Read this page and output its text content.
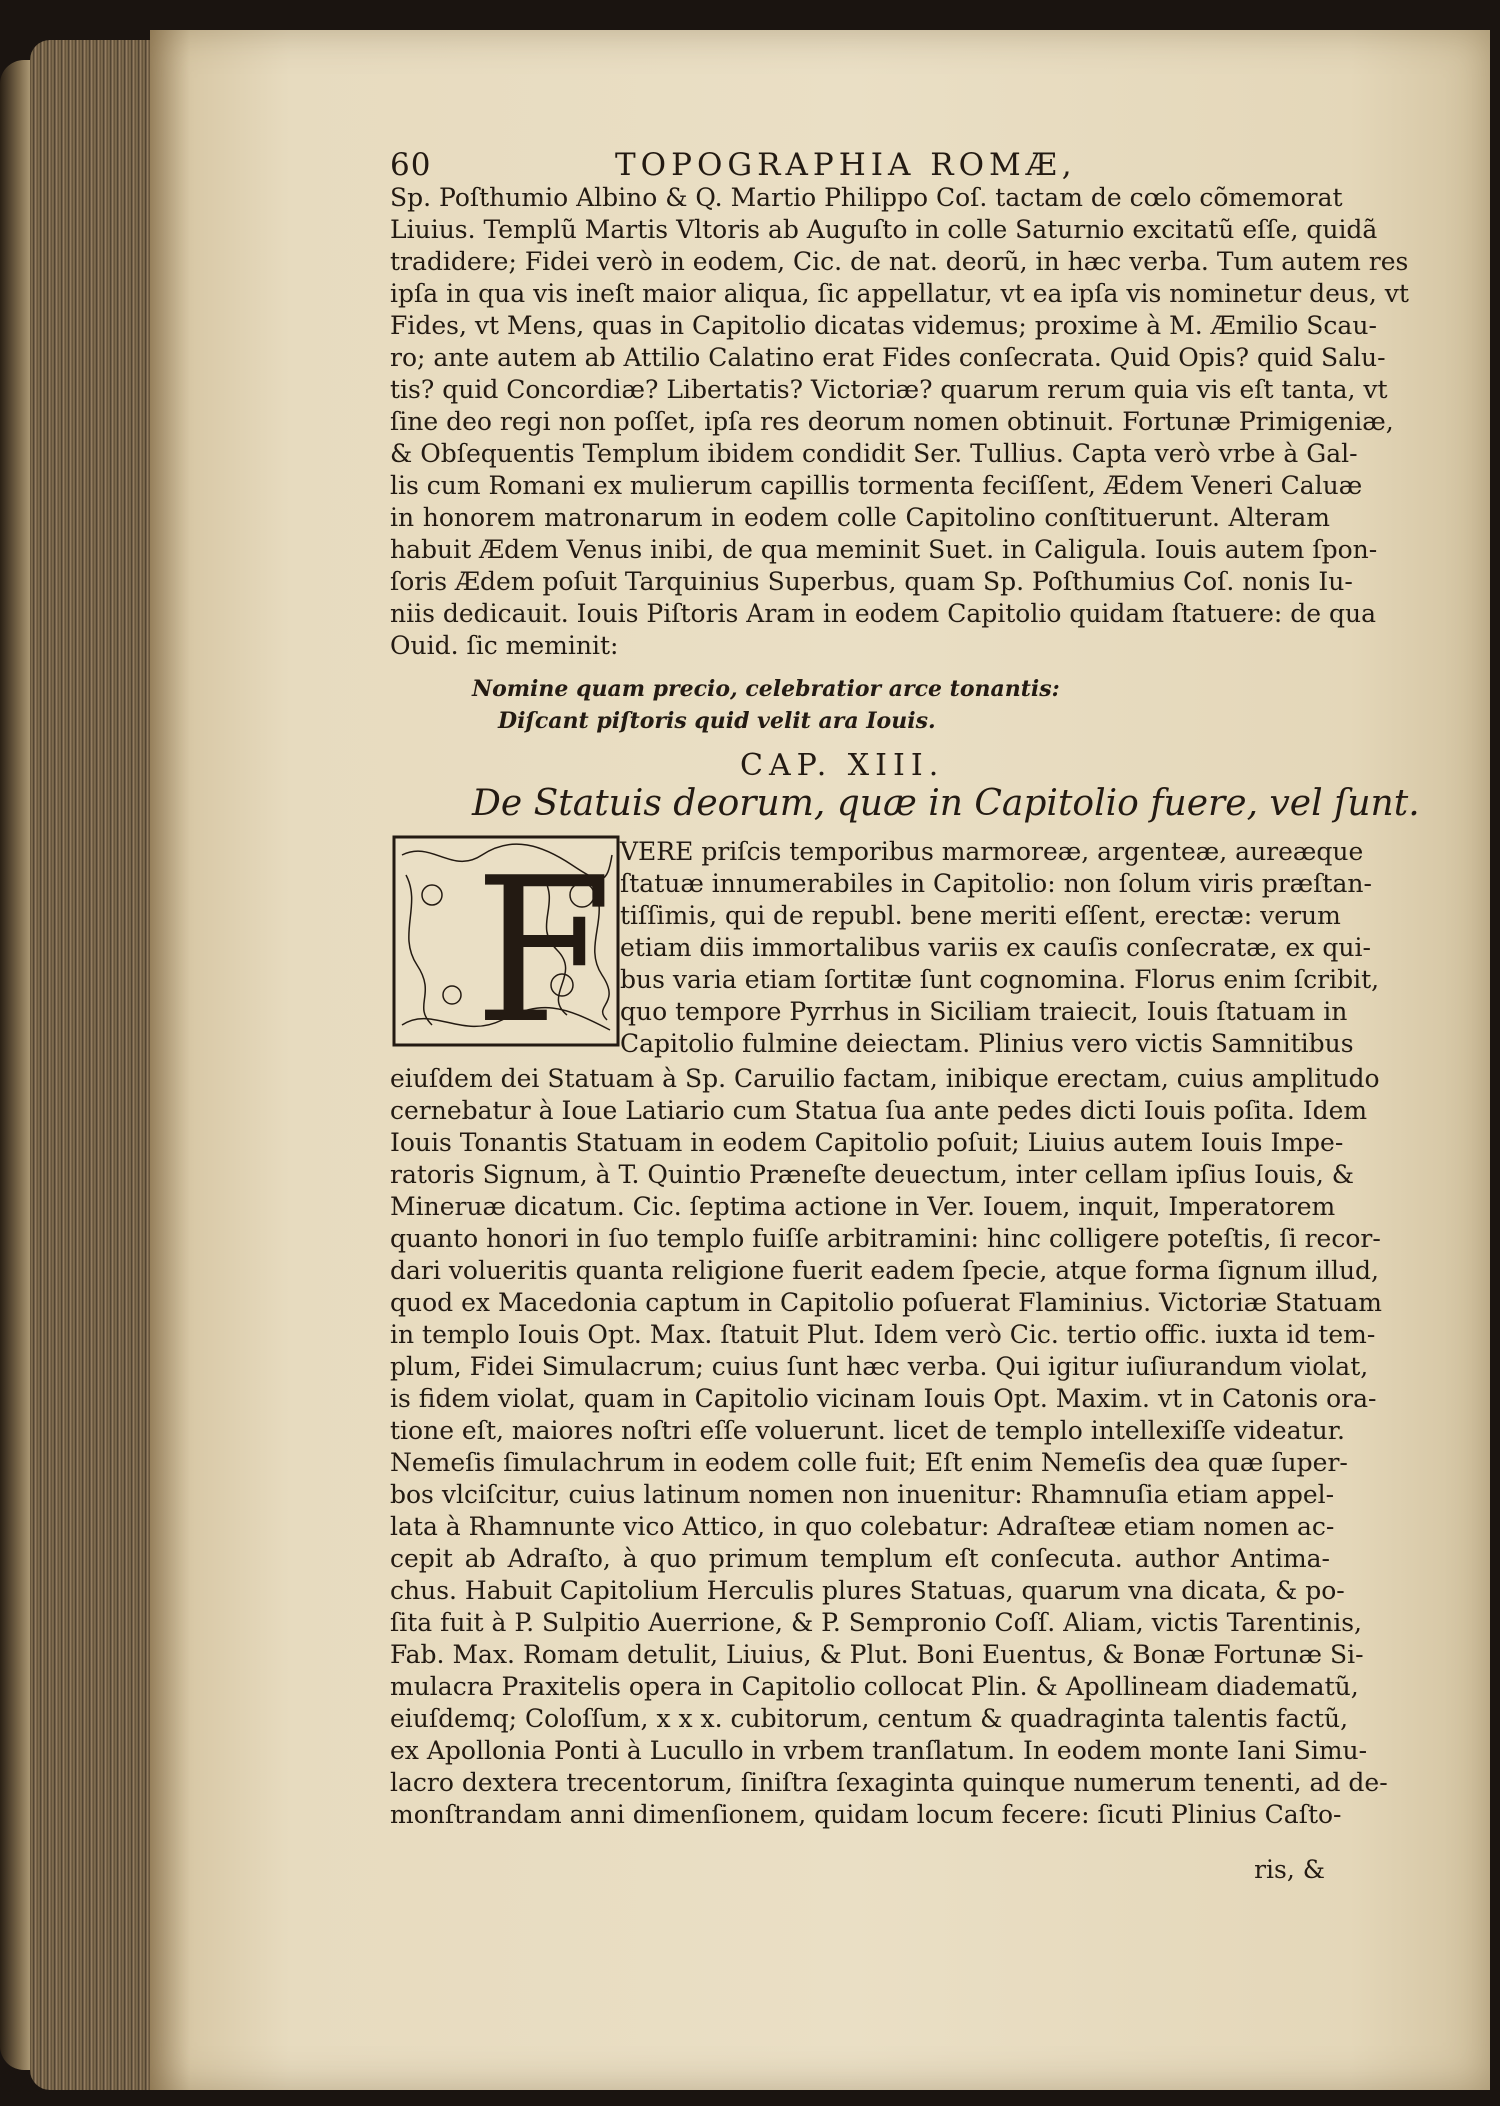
60	TOPOGRAPHIA ROMÆ,
Sp. Poſthumio Albino & Q. Martio Philippo Coſ. tactam de cœlo cõmemorat
Liuius. Templũ Martis Vltoris ab Auguſto in colle Saturnio excitatũ eſſe, quidã
tradidere; Fidei verò in eodem, Cic. de nat. deorũ, in hæc verba. Tum autem res
ipſa in qua vis ineſt maior aliqua, ſic appellatur, vt ea ipſa vis nominetur deus, vt
Fides, vt Mens, quas in Capitolio dicatas videmus; proxime à M. Æmilio Scau-
ro; ante autem ab Attilio Calatino erat Fides conſecrata. Quid Opis? quid Salu-
tis? quid Concordiæ? Libertatis? Victoriæ? quarum rerum quia vis eſt tanta, vt
ſine deo regi non poſſet, ipſa res deorum nomen obtinuit. Fortunæ Primigeniæ,
& Obſequentis Templum ibidem condidit Ser. Tullius. Capta verò vrbe à Gal-
lis cum Romani ex mulierum capillis tormenta feciſſent, Ædem Veneri Caluæ
in honorem matronarum in eodem colle Capitolino conſtituerunt. Alteram
habuit Ædem Venus inibi, de qua meminit Suet. in Caligula. Iouis autem ſpon-
ſoris Ædem poſuit Tarquinius Superbus, quam Sp. Poſthumius Coſ. nonis Iu-
niis dedicauit. Iouis Piſtoris Aram in eodem Capitolio quidam ſtatuere: de qua
Ouid. ſic meminit:
Nomine quam precio, celebratior arce tonantis:
Diſcant piſtoris quid velit ara Iouis.
CAP. XIII.
De Statuis deorum, quæ in Capitolio fuere, vel ſunt.
F VERE priſcis temporibus marmoreæ, argenteæ, aureæque
ſtatuæ innumerabiles in Capitolio: non ſolum viris præſtan-
tiſſimis, qui de republ. bene meriti eſſent, erectæ: verum
etiam diis immortalibus variis ex cauſis conſecratæ, ex qui-
bus varia etiam ſortitæ ſunt cognomina. Florus enim ſcribit,
quo tempore Pyrrhus in Siciliam traiecit, Iouis ſtatuam in
Capitolio fulmine deiectam. Plinius vero victis Samnitibus
eiuſdem dei Statuam à Sp. Caruilio factam, inibique erectam, cuius amplitudo
cernebatur à Ioue Latiario cum Statua ſua ante pedes dicti Iouis poſita. Idem
Iouis Tonantis Statuam in eodem Capitolio poſuit; Liuius autem Iouis Impe-
ratoris Signum, à T. Quintio Præneſte deuectum, inter cellam ipſius Iouis, &
Mineruæ dicatum. Cic. ſeptima actione in Ver. Iouem, inquit, Imperatorem
quanto honori in ſuo templo fuiſſe arbitramini: hinc colligere poteſtis, ſi recor-
dari volueritis quanta religione fuerit eadem ſpecie, atque forma ſignum illud,
quod ex Macedonia captum in Capitolio poſuerat Flaminius. Victoriæ Statuam
in templo Iouis Opt. Max. ſtatuit Plut. Idem verò Cic. tertio offic. iuxta id tem-
plum, Fidei Simulacrum; cuius ſunt hæc verba. Qui igitur iuſiurandum violat,
is fidem violat, quam in Capitolio vicinam Iouis Opt. Maxim. vt in Catonis ora-
tione eſt, maiores noſtri eſſe voluerunt. licet de templo intellexiſſe videatur.
Nemeſis ſimulachrum in eodem colle fuit; Eſt enim Nemeſis dea quæ ſuper-
bos vlciſcitur, cuius latinum nomen non inuenitur: Rhamnuſia etiam appel-
lata à Rhamnunte vico Attico, in quo colebatur: Adraſteæ etiam nomen ac-
cepit ab Adraſto, à quo primum templum eſt conſecuta. author Antima-
chus. Habuit Capitolium Herculis plures Statuas, quarum vna dicata, & po-
ſita fuit à P. Sulpitio Auerrione, & P. Sempronio Coſſ. Aliam, victis Tarentinis,
Fab. Max. Romam detulit, Liuius, & Plut. Boni Euentus, & Bonæ Fortunæ Si-
mulacra Praxitelis opera in Capitolio collocat Plin. & Apollineam diadematũ,
eiuſdemq; Coloſſum, x x x. cubitorum, centum & quadraginta talentis factũ,
ex Apollonia Ponti à Lucullo in vrbem tranſlatum. In eodem monte Iani Simu-
lacro dextera trecentorum, ſiniſtra ſexaginta quinque numerum tenenti, ad de-
monſtrandam anni dimenſionem, quidam locum fecere: ſicuti Plinius Caſto-
ris, &
